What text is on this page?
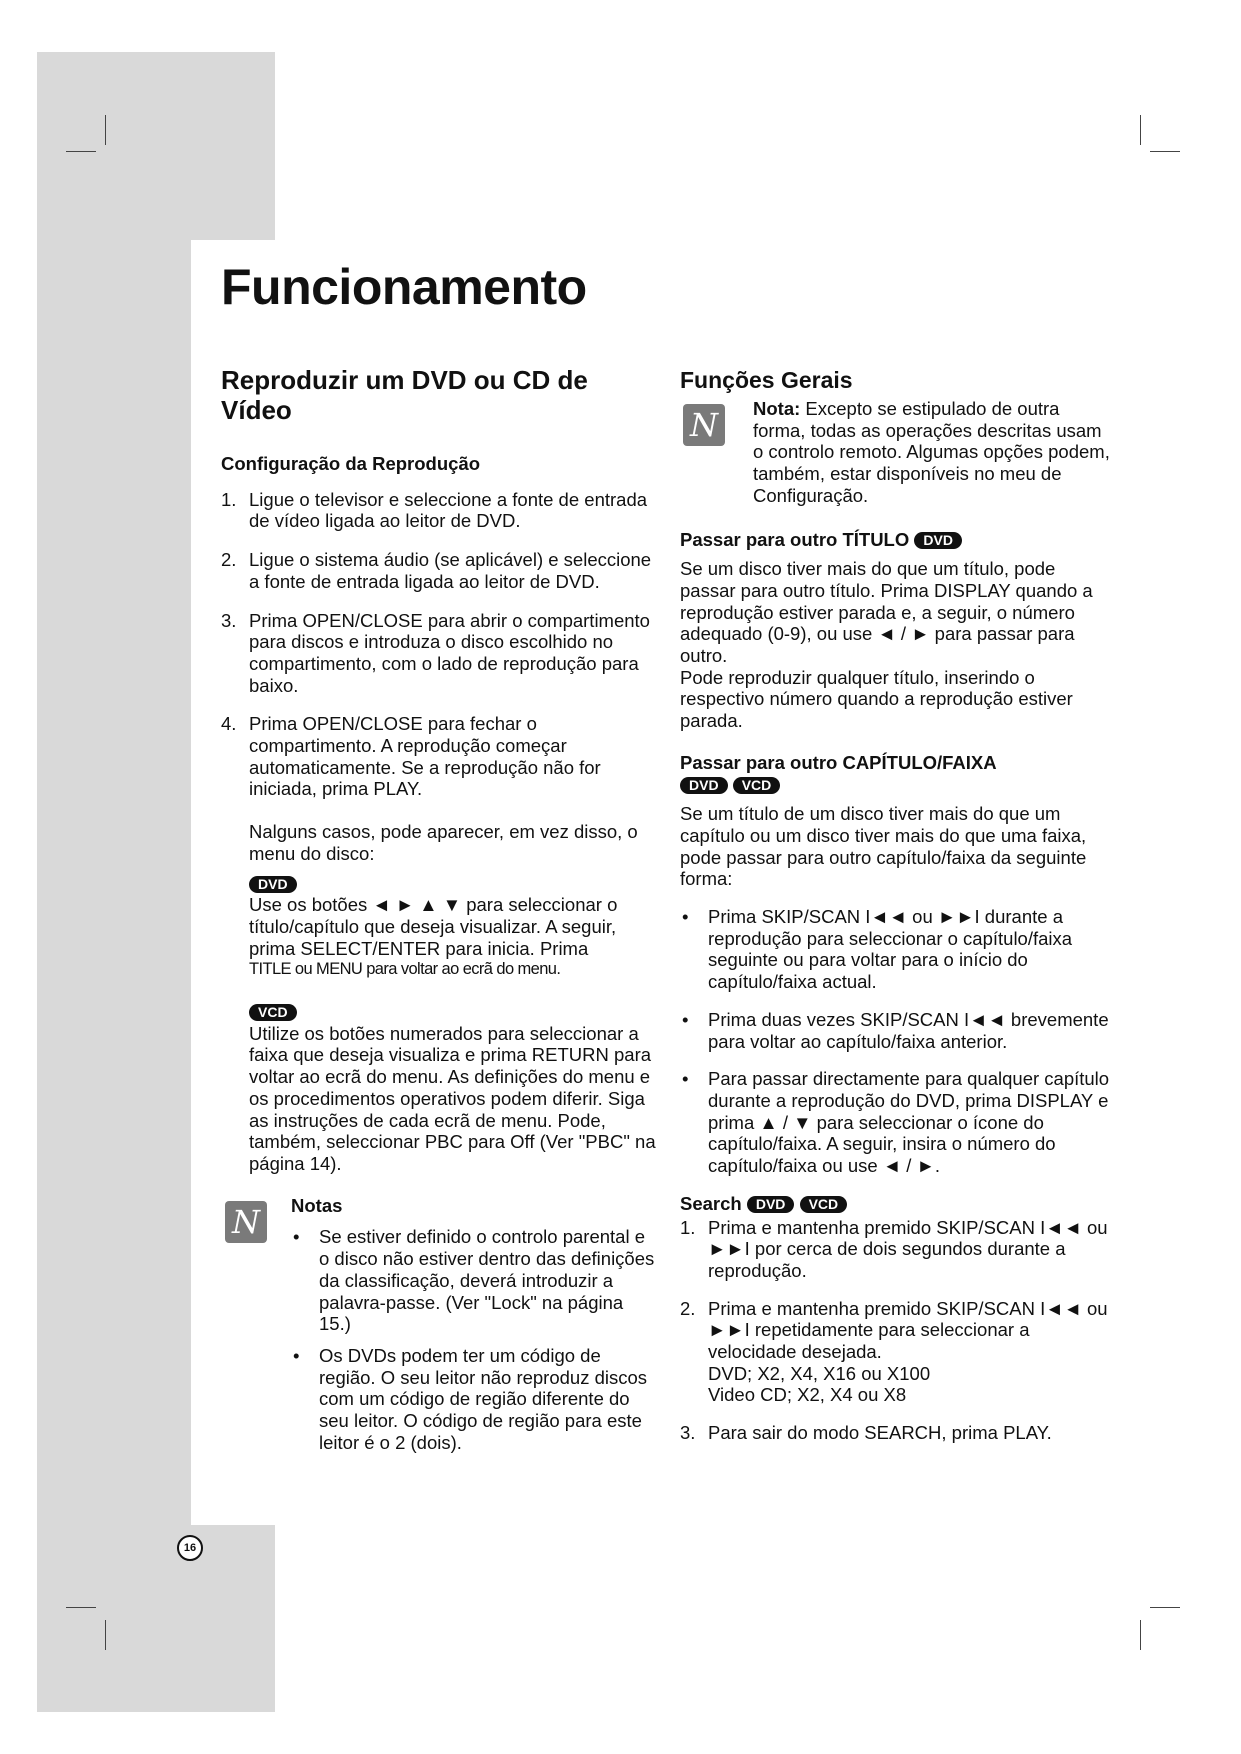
Funcionamento
Reproduzir um DVD ou CD de Vídeo
Configuração da Reprodução
1. Ligue o televisor e seleccione a fonte de entrada de vídeo ligada ao leitor de DVD.
2. Ligue o sistema áudio (se aplicável) e seleccione a fonte de entrada ligada ao leitor de DVD.
3. Prima OPEN/CLOSE para abrir o compartimento para discos e introduza o disco escolhido no compartimento, com o lado de reprodução para baixo.
4. Prima OPEN/CLOSE para fechar o compartimento. A reprodução começar automaticamente. Se a reprodução não for iniciada, prima PLAY.
Nalguns casos, pode aparecer, em vez disso, o menu do disco:
DVD
Use os botões ◄ ► ▲ ▼ para seleccionar o título/capítulo que deseja visualizar. A seguir, prima SELECT/ENTER para inicia. Prima
TITLE ou MENU para voltar ao ecrã do menu.
VCD
Utilize os botões numerados para seleccionar a faixa que deseja visualiza e prima RETURN para voltar ao ecrã do menu. As definições do menu e os procedimentos operativos podem diferir. Siga as instruções de cada ecrã de menu. Pode, também, seleccionar PBC para Off (Ver "PBC" na página 14).
N	Notas
• Se estiver definido o controlo parental e o disco não estiver dentro das definições da classificação, deverá introduzir a palavra-passe. (Ver "Lock" na página 15.)
• Os DVDs podem ter um código de região. O seu leitor não reproduz discos com um código de região diferente do seu leitor. O código de região para este leitor é o 2 (dois).
Funções Gerais
N	Nota: Excepto se estipulado de outra forma, todas as operações descritas usam o controlo remoto. Algumas opções podem, também, estar disponíveis no meu de Configuração.
Passar para outro TÍTULO DVD
Se um disco tiver mais do que um título, pode passar para outro título. Prima DISPLAY quando a reprodução estiver parada e, a seguir, o número adequado (0-9), ou use ◄ / ► para passar para outro.
Pode reproduzir qualquer título, inserindo o respectivo número quando a reprodução estiver parada.
Passar para outro CAPÍTULO/FAIXA
DVD VCD
Se um título de um disco tiver mais do que um capítulo ou um disco tiver mais do que uma faixa, pode passar para outro capítulo/faixa da seguinte forma:
• Prima SKIP/SCAN I◄◄ ou ►►I durante a reprodução para seleccionar o capítulo/faixa seguinte ou para voltar para o início do capítulo/faixa actual.
• Prima duas vezes SKIP/SCAN I◄◄ brevemente para voltar ao capítulo/faixa anterior.
• Para passar directamente para qualquer capítulo durante a reprodução do DVD, prima DISPLAY e prima ▲ / ▼ para seleccionar o ícone do capítulo/faixa. A seguir, insira o número do capítulo/faixa ou use ◄ / ►.
Search DVD VCD
1. Prima e mantenha premido SKIP/SCAN I◄◄ ou ►►I por cerca de dois segundos durante a reprodução.
2. Prima e mantenha premido SKIP/SCAN I◄◄ ou ►►I repetidamente para seleccionar a velocidade desejada.
DVD; X2, X4, X16 ou X100
Video CD; X2, X4 ou X8
3. Para sair do modo SEARCH, prima PLAY.
16
